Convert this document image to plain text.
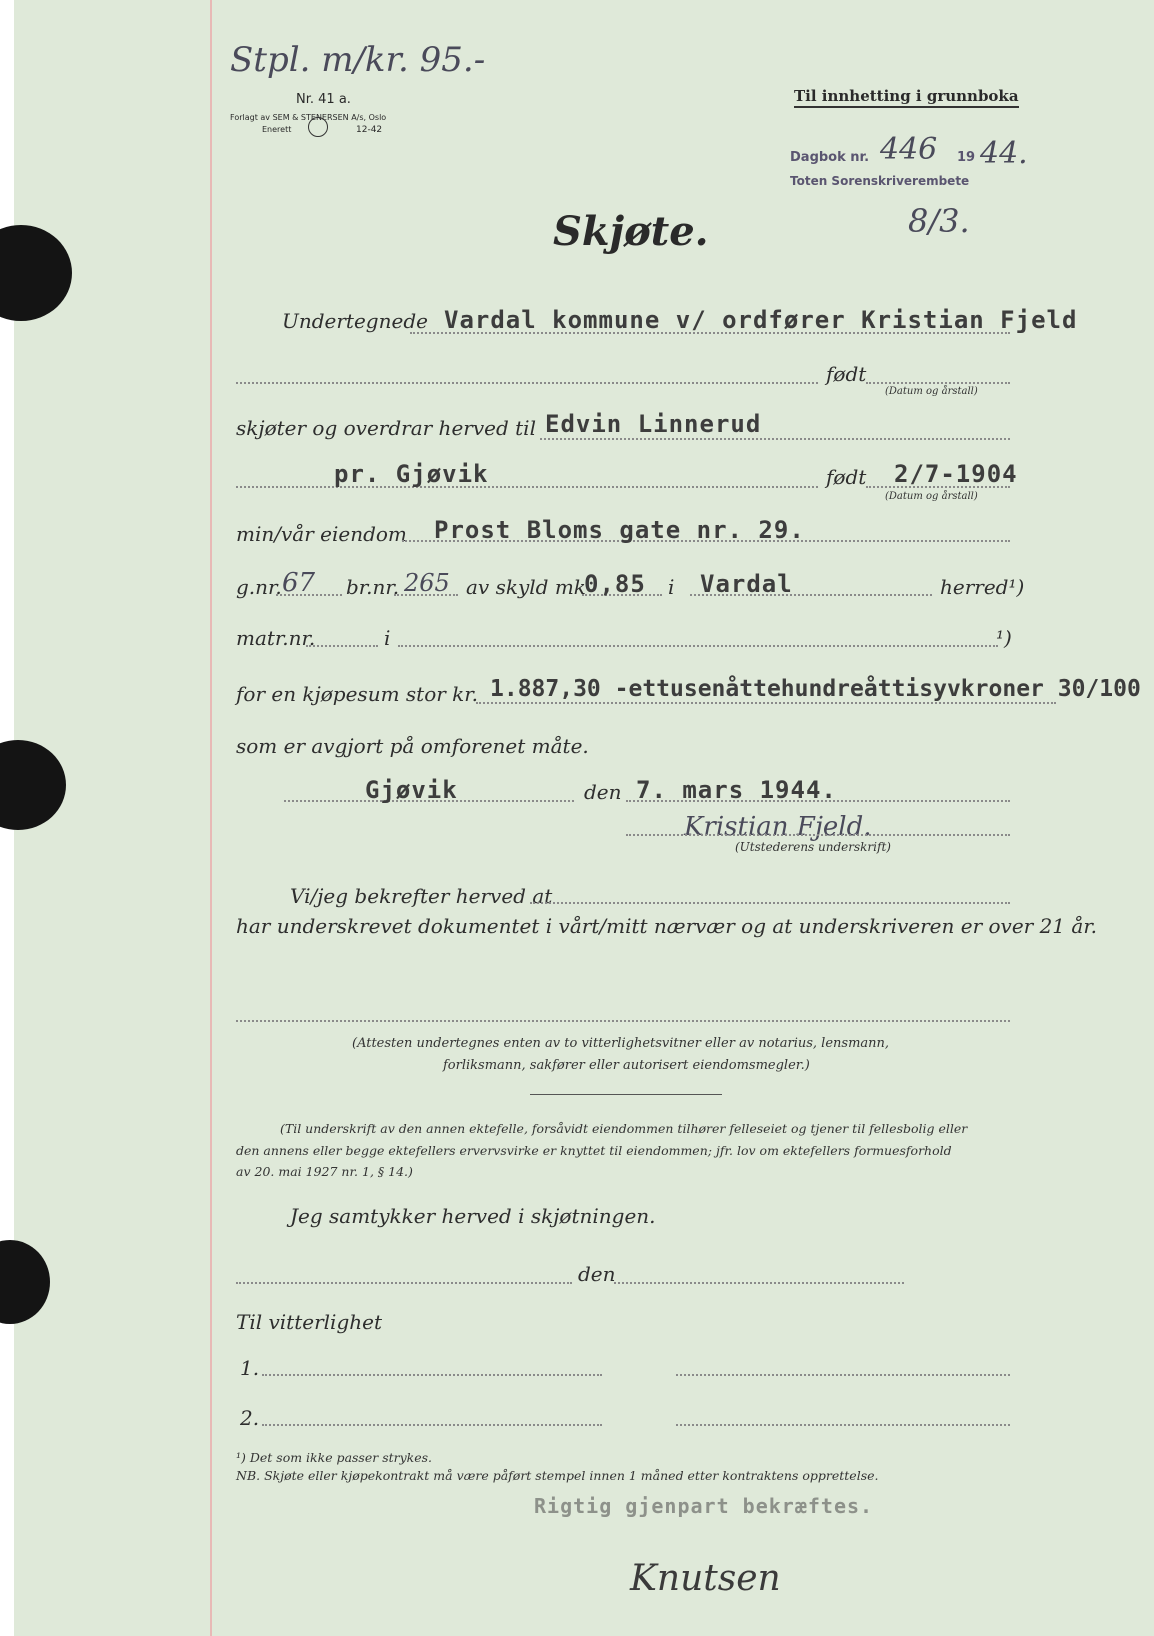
Stpl. m/kr. 95.-
Nr. 41 a.
Forlagt av SEM & STENERSEN A/s, Oslo
Enerett	12-42
Til innhetting i grunnboka
Dagbok nr. 446 19 44.
Toten Sorenskriverembete
8/3.
Skjøte.
Undertegnede Vardal kommune v/ ordfører Kristian Fjeld
født
(Datum og årstall)
skjøter og overdrar herved til Edvin Linnerud
pr. Gjøvik	født 2/7-1904
(Datum og årstall)
min/vår eiendom Prost Bloms gate nr. 29.
g.nr. 67 br.nr. 265 av skyld mk
0,85 i Vardal	herred¹)
matr.nr.	i	¹)
for en kjøpesum stor kr. 1.887,30 -ettusenåttehundreåttisyvkroner 30/100
som er avgjort på omforenet måte.
Gjøvik	den 7. mars 1944.
Kristian Fjeld.
(Utstederens underskrift)
Vi/jeg bekrefter herved at
har underskrevet dokumentet i vårt/mitt nærvær og at underskriveren er over 21 år.
(Attesten undertegnes enten av to vitterlighetsvitner eller av notarius, lensmann,
forliksmann, sakfører eller autorisert eiendomsmegler.)
(Til underskrift av den annen ektefelle, forsåvidt eiendommen tilhører felleseiet og tjener til fellesbolig eller
den annens eller begge ektefellers ervervsvirke er knyttet til eiendommen; jfr. lov om ektefellers formuesforhold
av 20. mai 1927 nr. 1, § 14.)
Jeg samtykker herved i skjøtningen.
den
Til vitterlighet
1.
2.
¹) Det som ikke passer strykes.
NB. Skjøte eller kjøpekontrakt må være påført stempel innen 1 måned etter kontraktens opprettelse.
Rigtig gjenpart bekræftes.
Knutsen
